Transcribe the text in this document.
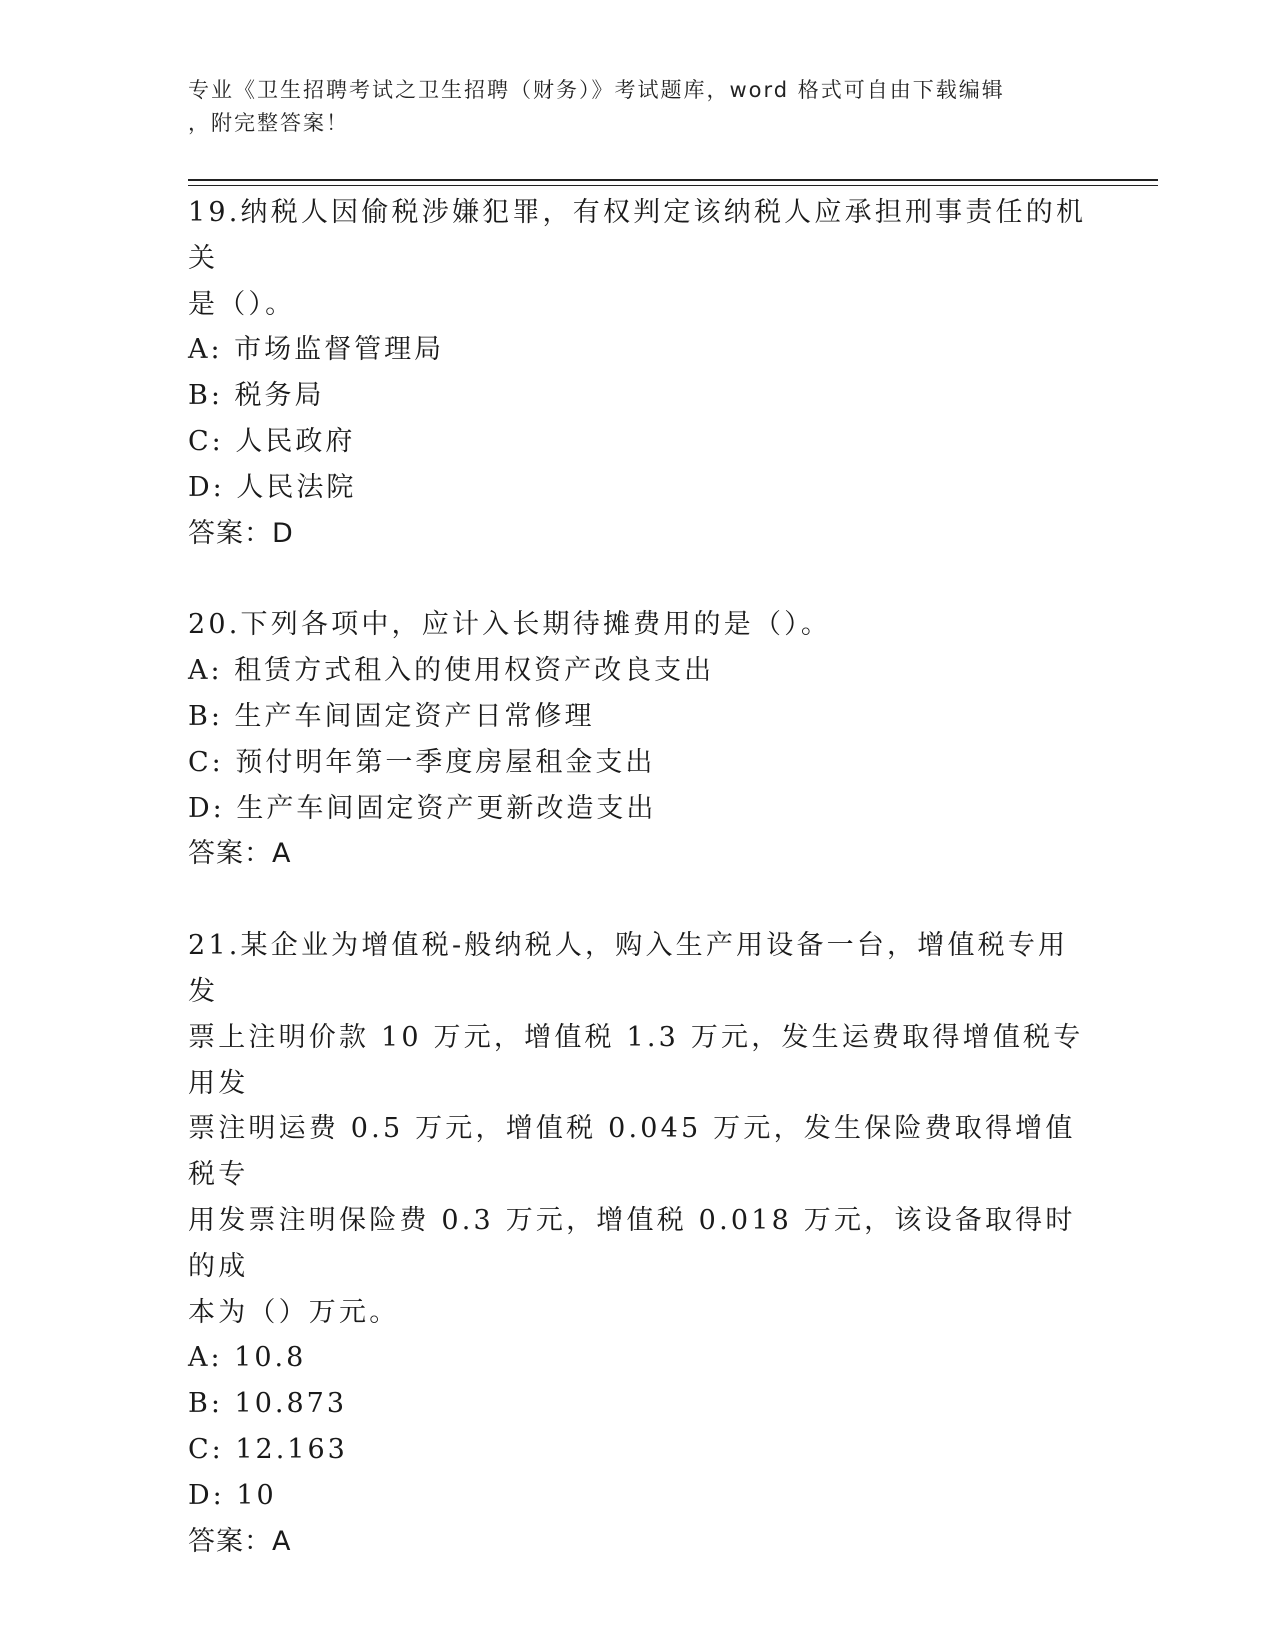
专业《卫生招聘考试之卫生招聘（财务）》考试题库，word 格式可自由下载编辑
，附完整答案！

19.纳税人因偷税涉嫌犯罪，有权判定该纳税人应承担刑事责任的机关

是（）。

A: 市场监督管理局

B: 税务局

C: 人民政府

D: 人民法院

答案：D

20.下列各项中，应计入长期待摊费用的是（）。

A: 租赁方式租入的使用权资产改良支出

B: 生产车间固定资产日常修理

C: 预付明年第一季度房屋租金支出

D: 生产车间固定资产更新改造支出

答案：A

21.某企业为增值税-般纳税人，购入生产用设备一台，增值税专用发

票上注明价款 10 万元，增值税 1.3 万元，发生运费取得增值税专用发

票注明运费 0.5 万元，增值税 0.045 万元，发生保险费取得增值税专

用发票注明保险费 0.3 万元，增值税 0.018 万元，该设备取得时的成

本为（）万元。

A: 10.8

B: 10.873

C: 12.163

D: 10

答案：A
